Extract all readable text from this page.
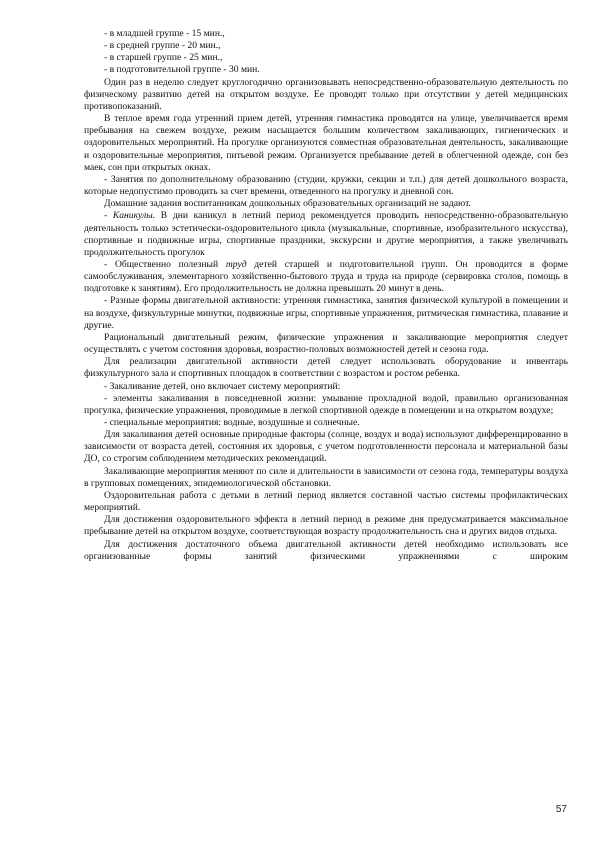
- в младшей группе - 15 мин.,

- в средней группе - 20 мин.,

- в старшей группе - 25 мин.,

- в подготовительной группе - 30 мин.

Один раз в неделю следует круглогодично организовывать непосредственно-образовательную деятельность по физическому развитию детей на открытом воздухе. Ее проводят только при отсутствии у детей медицинских противопоказаний.

В теплое время года утренний прием детей, утренняя гимнастика проводятся на улице, увеличивается время пребывания на свежем воздухе, режим насыщается большим количеством закаливающих, гигиенических и оздоровительных мероприятий. На прогулке организуются совместная образовательная деятельность, закаливающие и оздоровительные мероприятия, питьевой режим. Организуется пребывание детей в облегченной одежде, сон без маек, сон при открытых окнах.

- Занятия по дополнительному образованию (студии, кружки, секции и т.п.) для детей дошкольного возраста, которые недопустимо проводить за счет времени, отведенного на прогулку и дневной сон.

Домашние задания воспитанникам дошкольных образовательных организаций не задают.

- Каникулы. В дни каникул в летний период рекомендуется проводить непосредственно-образовательную деятельность только эстетически-оздоровительного цикла (музыкальные, спортивные, изобразительного искусства), спортивные и подвижные игры, спортивные праздники, экскурсии и другие мероприятия, а также увеличивать продолжительность прогулок

- Общественно полезный труд детей старшей и подготовительной групп. Он проводится в форме самообслуживания, элементарного хозяйственно-бытового труда и труда на природе (сервировка столов, помощь в подготовке к занятиям). Его продолжительность не должна превышать 20 минут в день.

- Разные формы двигательной активности: утренняя гимнастика, занятия физической культурой в помещении и на воздухе, физкультурные минутки, подвижные игры, спортивные упражнения, ритмическая гимнастика, плавание и другие.

Рациональный двигательный режим, физические упражнения и закаливающие мероприятия следует осуществлять с учетом состояния здоровья, возрастно-половых возможностей детей и сезона года.

Для реализации двигательной активности детей следует использовать оборудование и инвентарь физкультурного зала и спортивных площадок в соответствии с возрастом и ростом ребенка.

- Закаливание детей, оно включает систему мероприятий:

- элементы закаливания в повседневной жизни: умывание прохладной водой, правильно организованная прогулка, физические упражнения, проводимые в легкой спортивной одежде в помещении и на открытом воздухе;

- специальные мероприятия: водные, воздушные и солнечные.

Для закаливания детей основные природные факторы (солнце, воздух и вода) используют дифференцированно в зависимости от возраста детей, состояния их здоровья, с учетом подготовленности персонала и материальной базы ДО, со строгим соблюдением методических рекомендаций.

Закаливающие мероприятия меняют по силе и длительности в зависимости от сезона года, температуры воздуха в групповых помещениях, эпидемиологической обстановки.

Оздоровительная работа с детьми в летний период является составной частью системы профилактических мероприятий.

Для достижения оздоровительного эффекта в летний период в режиме дня предусматривается максимальное пребывание детей на открытом воздухе, соответствующая возрасту продолжительность сна и других видов отдыха.

Для достижения достаточного объема двигательной активности детей необходимо использовать все организованные формы занятий физическими упражнениями с широким

57
